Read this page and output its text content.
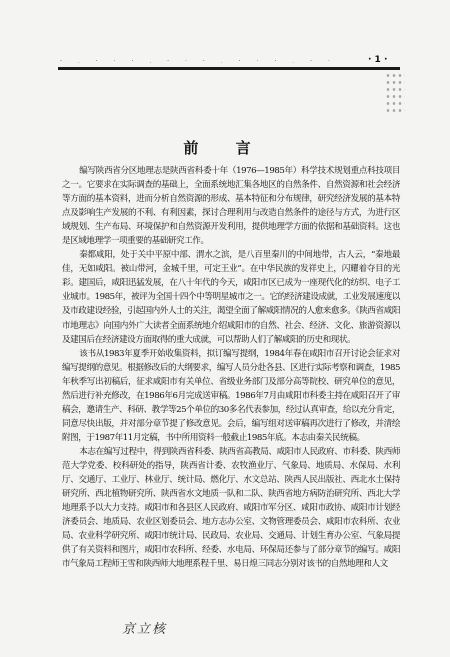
· ﹒ · ‧ · ﹒ · ‧ · ﹒ · ‧ · ﹒ · ‧	· 1 ·
前 言

编写陕西省分区地理志是陕西省科委十年（1976—1985年）科学技术规划重点科技项目之一。它要求在实际调查的基础上，全面系统地汇集各地区的自然条件、自然资源和社会经济等方面的基本资料，进而分析自然资源的形成、基本特征和分布规律，研究经济发展的基本特点及影响生产发展的不利、有利因素，探讨合理利用与改造自然条件的途径与方式，为进行区域规划、生产布局、环境保护和自然资源开发利用，提供地理学方面的依据和基础资料。这也是区域地理学一项重要的基础研究工作。

秦都咸阳，处于关中平原中部、渭水之滨，是八百里秦川的中间地带，古人云，“秦地最佳，无如咸阳。被山带河，金城千里，可定王业”。在中华民族的发祥史上，闪耀着夺目的光彩。建国后，咸阳迅猛发展，在八十年代的今天，咸阳市区已成为一座现代化的纺织、电子工业城市。1985年，被评为全国十四个中等明星城市之一。它的经济建设成就，工业发展速度以及市政建设经验，引起国内外人士的关注，渴望全面了解咸阳情况的人愈来愈多。《陕西省咸阳市地理志》向国内外广大读者全面系统地介绍咸阳市的自然、社会、经济、文化、旅游资源以及建国后在经济建设方面取得的重大成就，可以帮助人们了解咸阳的历史和现状。

该书从1983年夏季开始收集资料，拟订编写提纲，1984年春在咸阳市召开讨论会征求对编写提纲的意见。根据修改后的大纲要求，编写人员分赴各县、区进行实际考察和调查，1985年秋季写出初稿后，征求咸阳市有关单位、省级业务部门及部分高等院校、研究单位的意见，然后进行补充修改，在1986年6月完成送审稿。1986年7月由咸阳市科委主持在咸阳召开了审稿会，邀请生产、科研、教学等25个单位的30多名代表参加，经过认真审查，给以充分肯定，同意尽快出版，并对部分章节提了修改意见。会后，编写组对送审稿再次进行了修改，并清绘附图，于1987年11月定稿，书中所用资料一般截止1985年底。本志由秦关民统稿。

本志在编写过程中，得到陕西省科委、陕西省高教局、咸阳市人民政府、市科委、陕西师范大学党委、校科研处的指导，陕西省计委、农牧渔业厅、气象局、地质局、水保局、水利厅、交通厅、工业厅、林业厅、统计局、燃化厅、水文总站、陕西人民出版社、西北水土保持研究所、西北植物研究所、陕西省水文地质一队和二队、陕西省地方病防治研究所、西北大学地理系予以大力支持。咸阳市和各县区人民政府、咸阳市军分区、咸阳市政协、咸阳市计划经济委员会、地质局、农业区划委员会、地方志办公室、文物管理委员会、咸阳市农科所、农业局、农业科学研究所、咸阳市统计局、民政局、农业局、交通局、计划生育办公室、气象局提供了有关资料和图片，咸阳市农科所、经委、水电局、环保局还参与了部分章节的编写。咸阳市气象局工程师王雪和陕西师大地理系程千里、易日煌三同志分别对该书的自然地理和人文

京立核
